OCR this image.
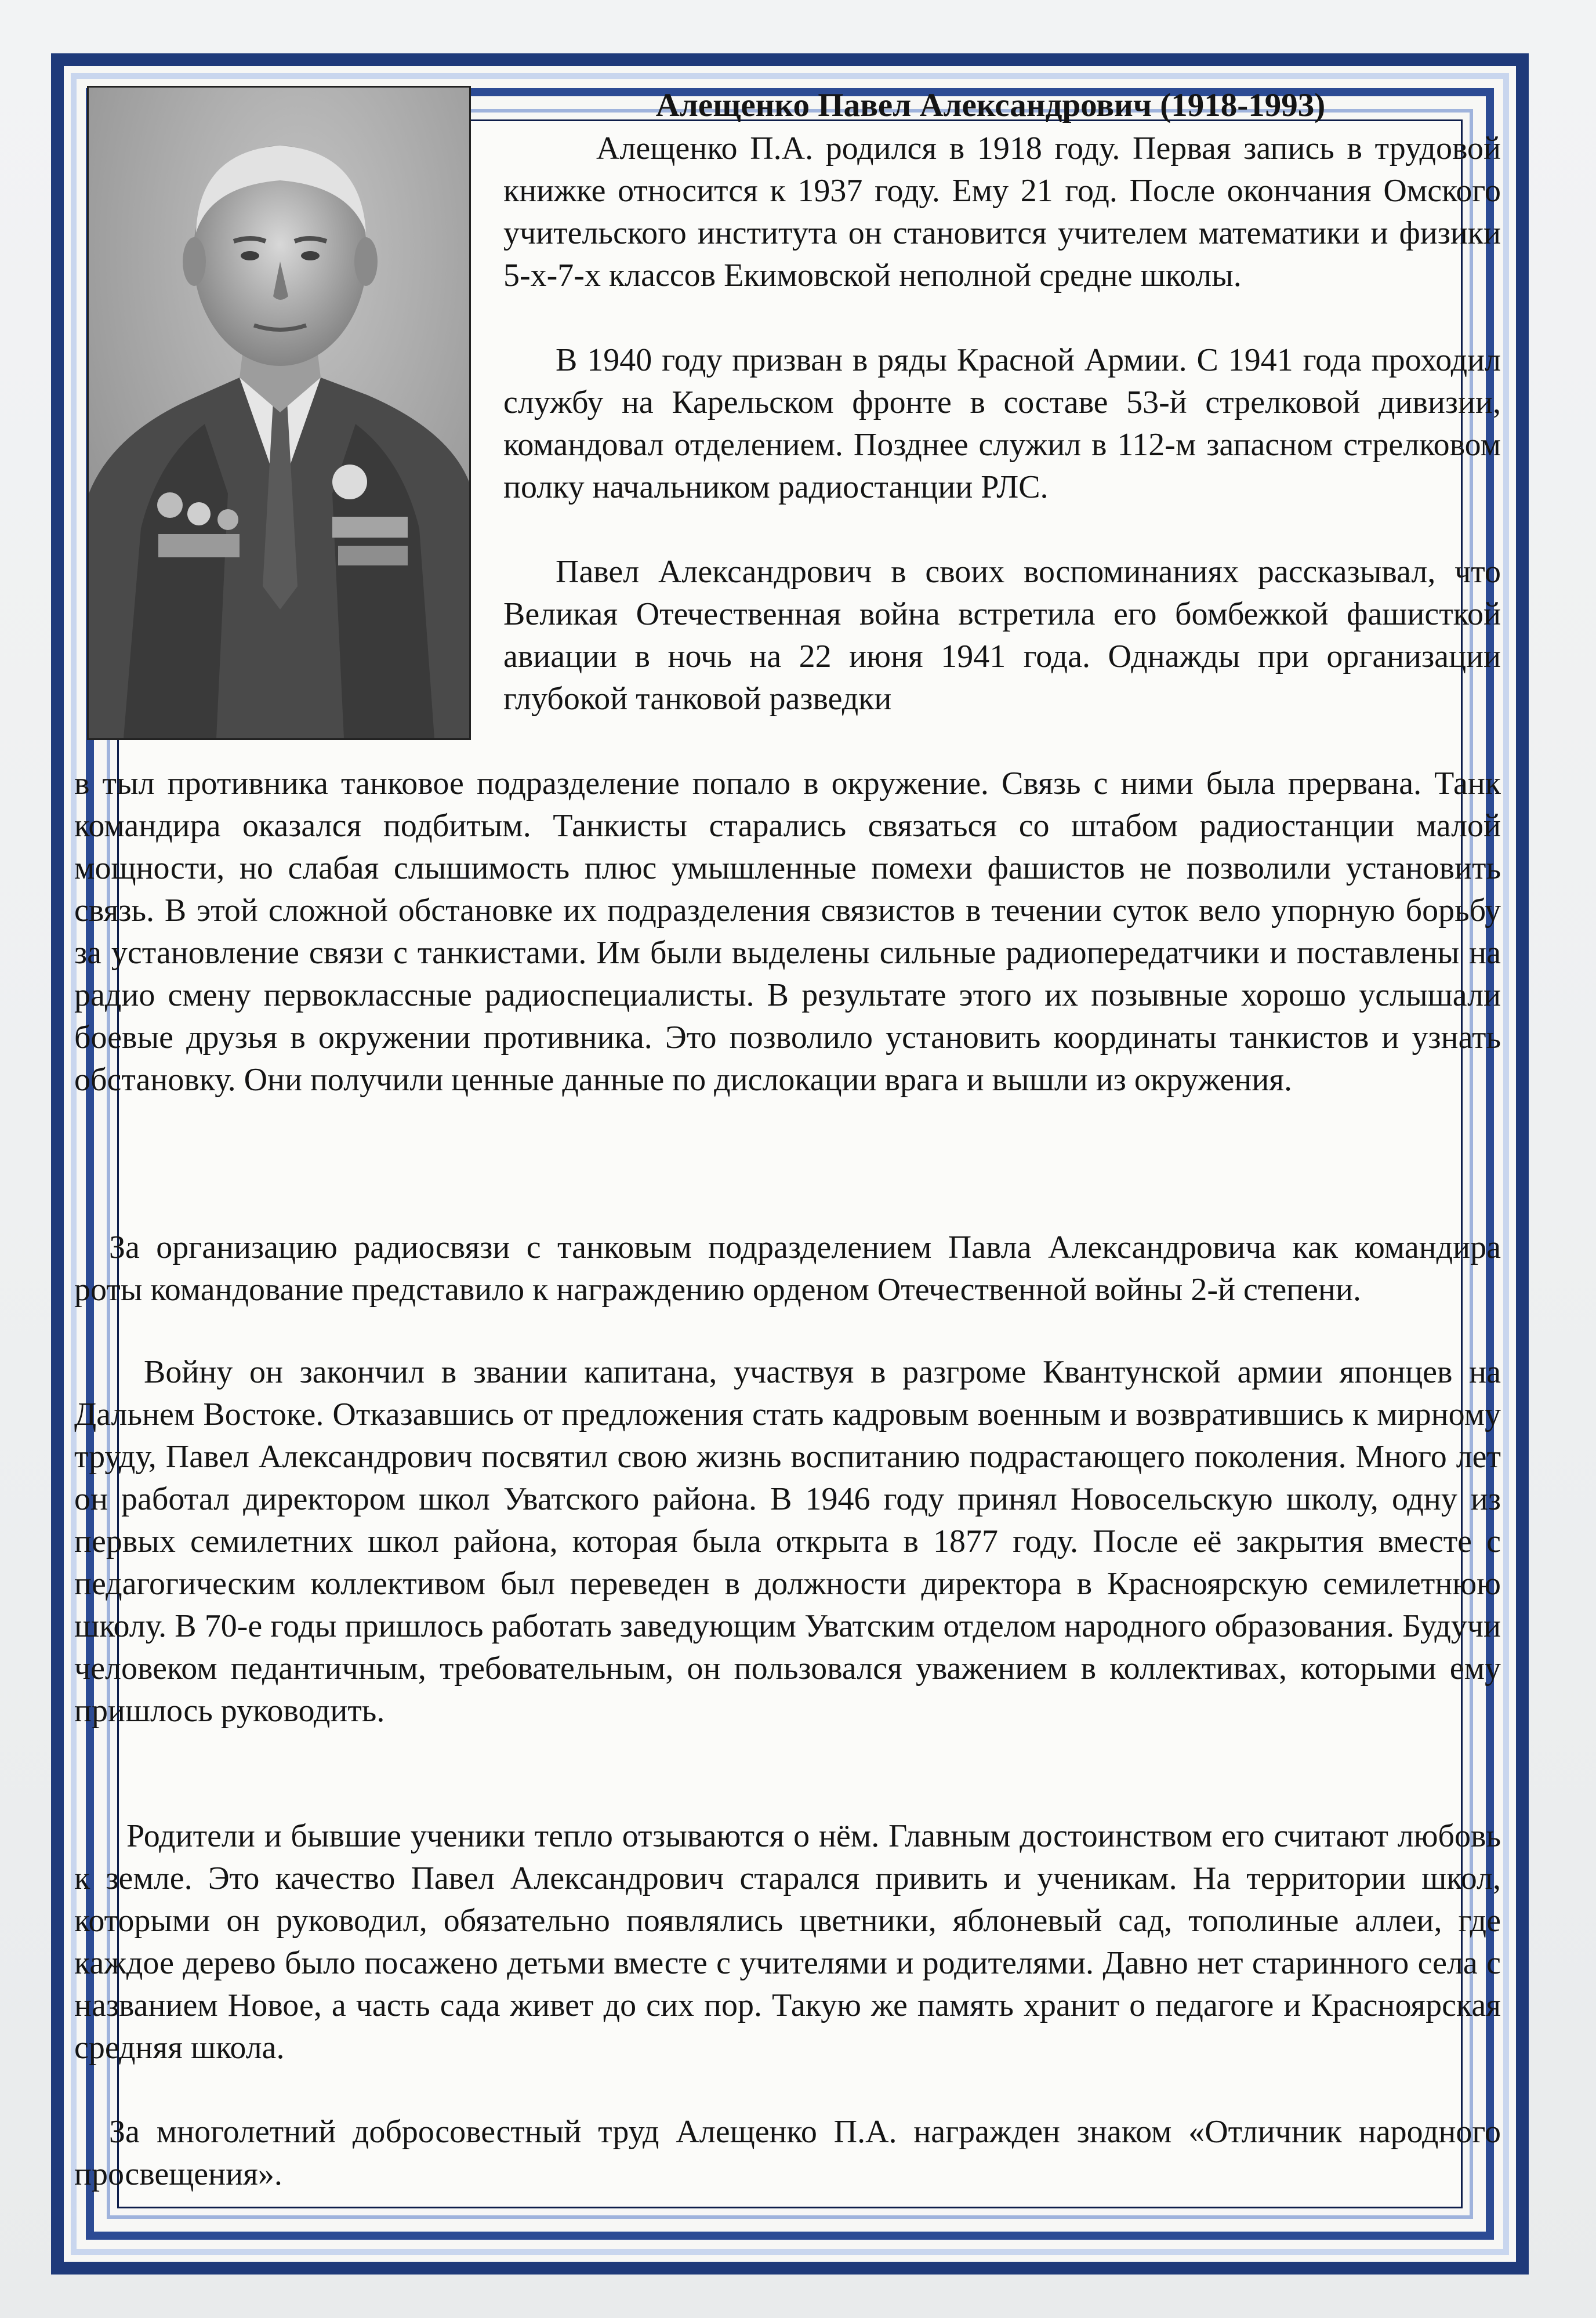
Алещенко Павел Александрович (1918-1993)

Алещенко П.А. родился в 1918 году. Первая запись в трудовой книжке относится к 1937 году. Ему 21 год. После окончания Омского учительского института он становится учителем математики и физики 5-х-7-х классов Екимовской неполной средне школы.

В 1940 году призван в ряды Красной Армии. С 1941 года проходил службу на Карельском фронте в составе 53-й стрелковой дивизии, командовал отделением. Позднее служил в 112-м запасном стрелковом полку начальником радиостанции РЛС.

Павел Александрович в своих воспоминаниях рассказывал, что Великая Отечественная война встретила его бомбежкой фашисткой авиации в ночь на 22 июня 1941 года. Однажды при организации глубокой танковой разведки

в тыл противника танковое подразделение попало в окружение. Связь с ними была прервана. Танк командира оказался подбитым. Танкисты старались связаться со штабом радиостанции малой мощности, но слабая слышимость плюс умышленные помехи фашистов не позволили установить связь. В этой сложной обстановке их подразделения связистов в течении суток вело упорную борьбу за установление связи с танкистами. Им были выделены сильные радиопередатчики и поставлены на радио смену первоклассные радиоспециалисты. В результате этого их позывные хорошо услышали боевые друзья в окружении противника. Это позволило установить координаты танкистов и узнать обстановку. Они получили ценные данные по дислокации врага и вышли из окружения.

За организацию радиосвязи с танковым подразделением Павла Александровича как командира роты командование представило к награждению орденом Отечественной войны 2-й степени.

Войну он закончил в звании капитана, участвуя в разгроме Квантунской армии японцев на Дальнем Востоке. Отказавшись от предложения стать кадровым военным и возвратившись к мирному труду, Павел Александрович посвятил свою жизнь воспитанию подрастающего поколения. Много лет он работал директором школ Уватского района. В 1946 году принял Новосельскую школу, одну из первых семилетних школ района, которая была открыта в 1877 году. После её закрытия вместе с педагогическим коллективом был переведен в должности директора в Красноярскую семилетнюю школу. В 70-е годы пришлось работать заведующим Уватским отделом народного образования. Будучи человеком педантичным, требовательным, он пользовался уважением в коллективах, которыми ему пришлось руководить.

Родители и бывшие ученики тепло отзываются о нём. Главным достоинством его считают любовь к земле. Это качество Павел Александрович старался привить и ученикам. На территории школ, которыми он руководил, обязательно появлялись цветники, яблоневый сад, тополиные аллеи, где каждое дерево было посажено детьми вместе с учителями и родителями. Давно нет старинного села с названием Новое, а часть сада живет до сих пор. Такую же память хранит о педагоге и Красноярская средняя школа.

За многолетний добросовестный труд Алещенко П.А. награжден знаком «Отличник народного просвещения».
